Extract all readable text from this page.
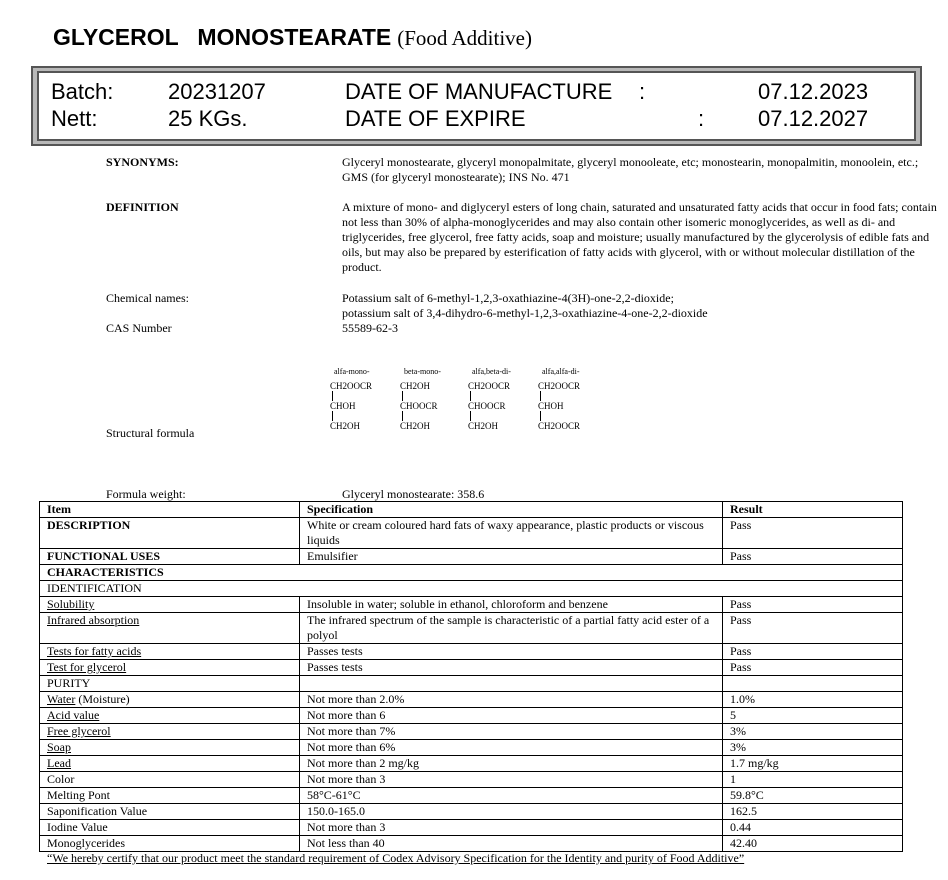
GLYCEROL   MONOSTEARATE (Food Additive)
Batch: 20231207	DATE OF MANUFACTURE :	07.12.2023
Nett:	25 KGs.	DATE OF EXPIRE	: 07.12.2027
SYNONYMS:	Glyceryl monostearate, glyceryl monopalmitate, glyceryl monooleate, etc; monostearin, monopalmitin, monoolein, etc.; GMS (for glyceryl monostearate); INS No. 471
DEFINITION	A mixture of mono- and diglyceryl esters of long chain, saturated and unsaturated fatty acids that occur in food fats; contain not less than 30% of alpha-monoglycerides and may also contain other isomeric monoglycerides, as well as di- and triglycerides, free glycerol, free fatty acids, soap and moisture; usually manufactured by the glycerolysis of edible fats and oils, but may also be prepared by esterification of fatty acids with glycerol, with or without molecular distillation of the product.
Chemical names:	Potassium salt of 6-methyl-1,2,3-oxathiazine-4(3H)-one-2,2-dioxide;
potassium salt of 3,4-dihydro-6-methyl-1,2,3-oxathiazine-4-one-2,2-dioxide
CAS Number	55589-62-3
Structural formula
alfa-mono-
CH2OOCR
CHOH
CH2OH
beta-mono-
CH2OH
CHOOCR
CH2OH
alfa,beta-di-
CH2OOCR
CHOOCR
CH2OH
alfa,alfa-di-
CH2OOCR
CHOH
CH2OOCR
Formula weight:	Glyceryl monostearate: 358.6
Item	Specification	Result
DESCRIPTION	White or cream coloured hard fats of waxy appearance, plastic products or viscous liquids	Pass
FUNCTIONAL USES	Emulsifier	Pass
CHARACTERISTICS		
IDENTIFICATION		
Solubility	Insoluble in water; soluble in ethanol, chloroform and benzene	Pass
Infrared absorption	The infrared spectrum of the sample is characteristic of a partial fatty acid ester of a polyol	Pass
Tests for fatty acids	Passes tests	Pass
Test for glycerol	Passes tests	Pass
PURITY		
Water (Moisture)	Not more than 2.0%	1.0%
Acid value	Not more than 6	5
Free glycerol	Not more than 7%	3%
Soap	Not more than 6%	3%
Lead	Not more than 2 mg/kg	1.7 mg/kg
Color	Not more than 3	1
Melting Pont	58°C-61°C	59.8°C
Saponification Value	150.0-165.0	162.5
Iodine Value	Not more than 3	0.44
Monoglycerides	Not less than 40	42.40
“We hereby certify that our product meet the standard requirement of Codex Advisory Specification for the Identity and purity of Food Additive”
